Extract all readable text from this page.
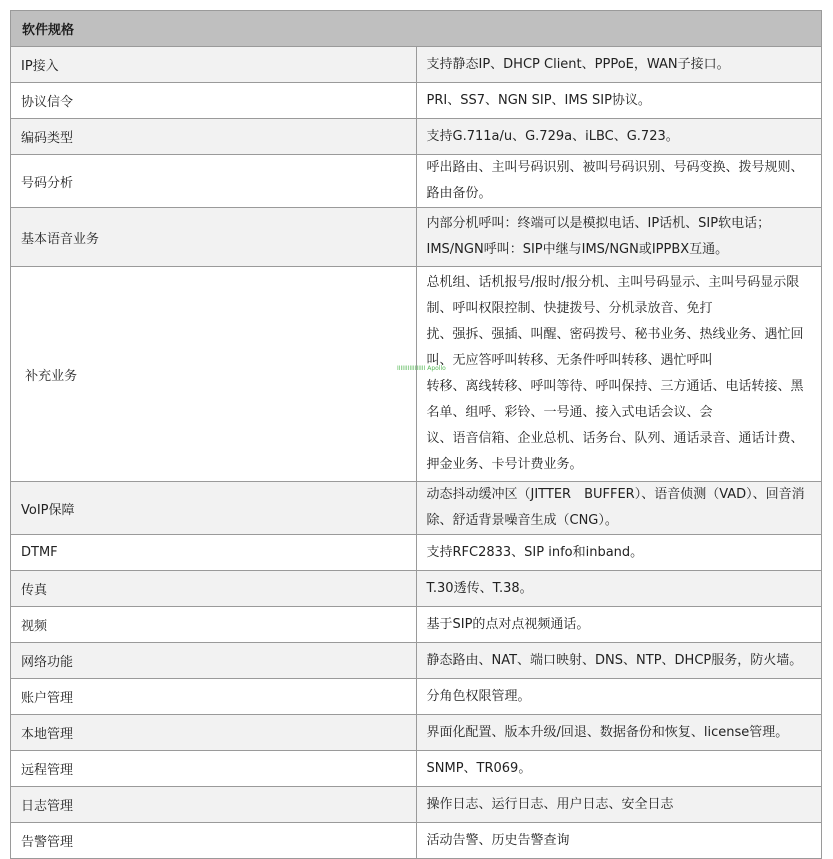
软件规格	
IP接入	支持静态IP、DHCP Client、PPPoE，WAN子接口。

协议信令	PRI、SS7、NGN SIP、IMS SIP协议。

编码类型	支持G.711a/u、G.729a、iLBC、G.723。

号码分析	呼出路由、主叫号码识别、被叫号码识别、号码变换、拨号规则、路由备份。

基本语音业务	内部分机呼叫：终端可以是模拟电话、IP话机、SIP软电话；
IMS/NGN呼叫：SIP中继与IMS/NGN或IPPBX互通。

补充业务	总机组、话机报号/报时/报分机、主叫号码显示、主叫号码显示限制、呼叫权限控制、快捷拨号、分机录放音、免打
扰、强拆、强插、叫醒、密码拨号、秘书业务、热线业务、遇忙回叫、无应答呼叫转移、无条件呼叫转移、遇忙呼叫
转移、离线转移、呼叫等待、呼叫保持、三方通话、电话转接、黑名单、组呼、彩铃、一号通、接入式电话会议、会
议、语音信箱、企业总机、话务台、队列、通话录音、通话计费、押金业务、卡号计费业务。

VoIP保障	动态抖动缓冲区（JITTER　BUFFER）、语音侦测（VAD）、回音消除、舒适背景噪音生成（CNG）。

DTMF	支持RFC2833、SIP info和inband。

传真	T.30透传、T.38。

视频	基于SIP的点对点视频通话。

网络功能	静态路由、NAT、端口映射、DNS、NTP、DHCP服务，防火墙。

账户管理	分角色权限管理。

本地管理	界面化配置、版本升级/回退、数据备份和恢复、license管理。

远程管理	SNMP、TR069。

日志管理	操作日志、运行日志、用户日志、安全日志

告警管理	活动告警、历史告警查询
IIIIIIIIIIIIIIII Apollo
